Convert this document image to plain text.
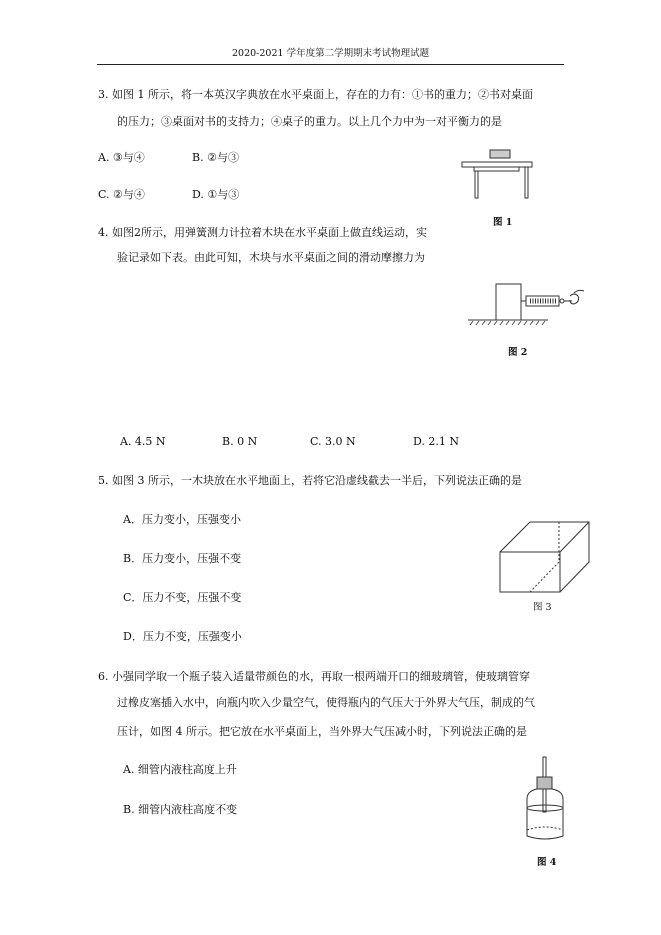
2020-2021 学年度第二学期期末考试物理试题
3. 如图 1 所示，将一本英汉字典放在水平桌面上，存在的力有：①书的重力；②书对桌面
的压力；③桌面对书的支持力；④桌子的重力。以上几个力中为一对平衡力的是
A. ③与④	B. ②与③
C. ②与④	D. ①与③
图 1
4. 如图2所示，用弹簧测力计拉着木块在水平桌面上做直线运动，实
验记录如下表。由此可知，木块与水平桌面之间的滑动摩擦力为
图 2
A. 4.5 N	B. 0 N	C. 3.0 N	D. 2.1 N
5. 如图 3 所示，一木块放在水平地面上，若将它沿虚线截去一半后，下列说法正确的是
A．压力变小，压强变小
B．压力变小，压强不变
C．压力不变，压强不变
D．压力不变，压强变小
图 3
6. 小强同学取一个瓶子装入适量带颜色的水，再取一根两端开口的细玻璃管，使玻璃管穿
过橡皮塞插入水中，向瓶内吹入少量空气，使得瓶内的气压大于外界大气压，制成的气
压计，如图 4 所示。把它放在水平桌面上，当外界大气压减小时，下列说法正确的是
A. 细管内液柱高度上升
B. 细管内液柱高度不变
图 4
